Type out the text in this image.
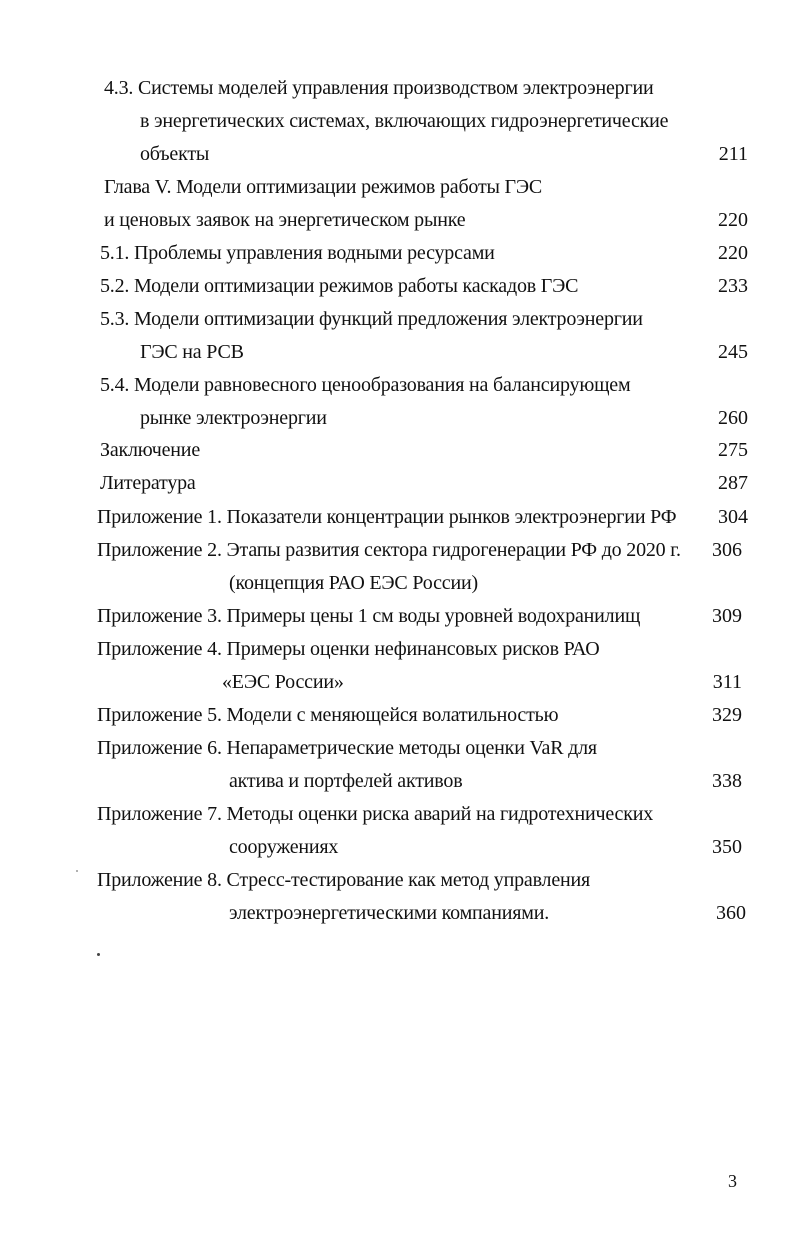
4.3. Системы моделей управления производством электроэнергии
в энергетических системах, включающих гидроэнергетические
объекты	211
Глава V. Модели оптимизации режимов работы ГЭС
и ценовых заявок на энергетическом рынке	220
5.1. Проблемы управления водными ресурсами	220
5.2. Модели оптимизации режимов работы каскадов ГЭС	233
5.3. Модели оптимизации функций предложения электроэнергии
ГЭС на РСВ	245
5.4. Модели равновесного ценообразования на балансирующем
рынке электроэнергии	260
Заключение	275
Литература	287
Приложение 1. Показатели концентрации рынков электроэнергии РФ	304
Приложение 2. Этапы развития сектора гидрогенерации РФ до 2020 г.	306
(концепция РАО ЕЭС России)
Приложение 3. Примеры цены 1 см воды уровней водохранилищ	309
Приложение 4. Примеры оценки нефинансовых рисков РАО
«ЕЭС России»	311
Приложение 5. Модели с меняющейся волатильностью	329
Приложение 6. Непараметрические методы оценки VaR для
актива и портфелей активов	338
Приложение 7. Методы оценки риска аварий на гидротехнических
сооружениях	350
Приложение 8. Стресс-тестирование как метод управления
электроэнергетическими компаниями.	360
3
